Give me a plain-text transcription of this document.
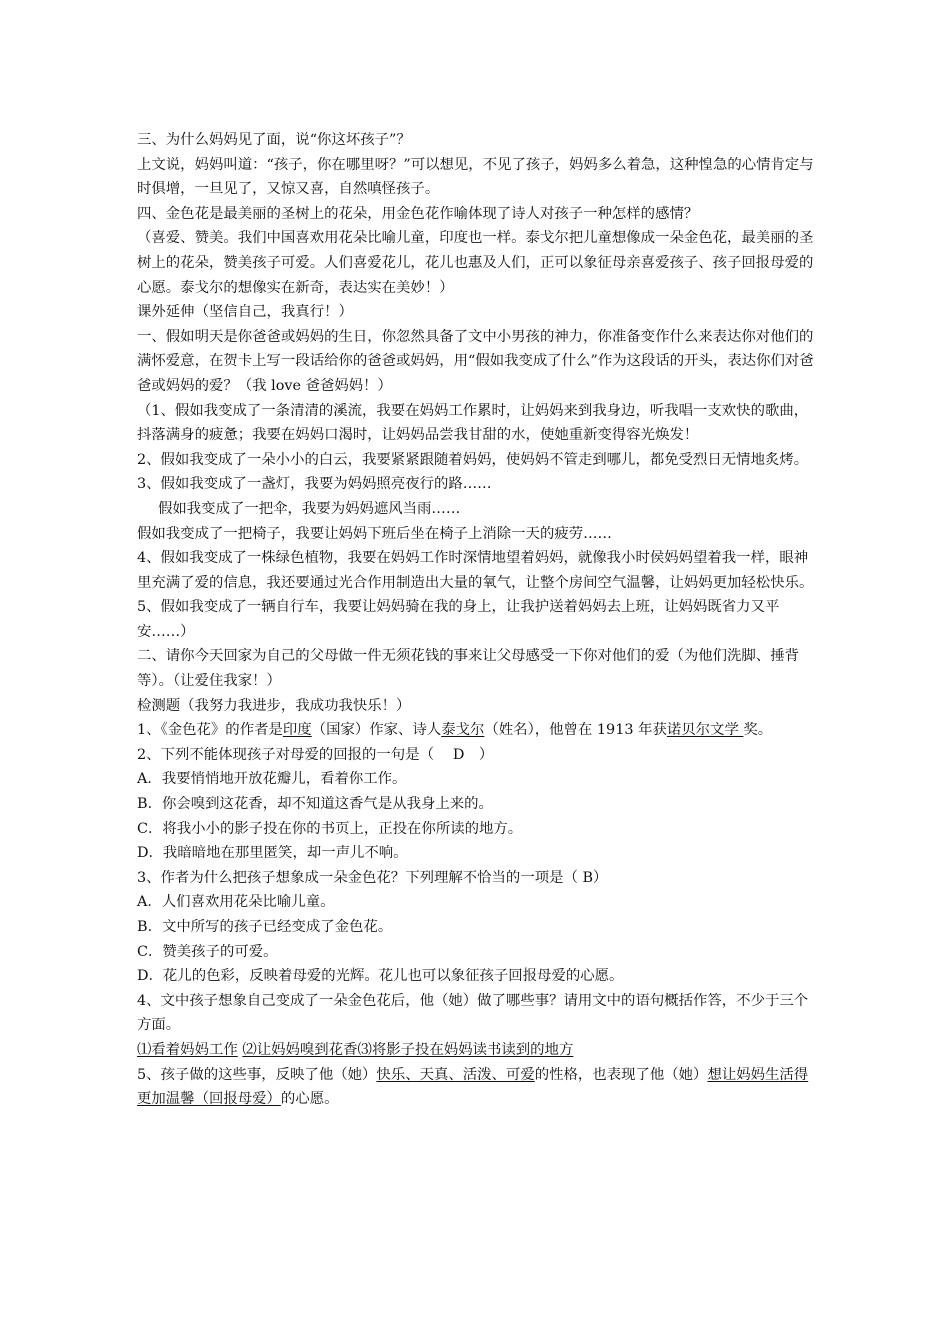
三、为什么妈妈见了面，说“你这坏孩子”？

上文说，妈妈叫道：“孩子，你在哪里呀？”可以想见，不见了孩子，妈妈多么着急，这种惶急的心情肯定与时俱增，一旦见了，又惊又喜，自然嗔怪孩子。

四、金色花是最美丽的圣树上的花朵，用金色花作喻体现了诗人对孩子一种怎样的感情？

（喜爱、赞美。我们中国喜欢用花朵比喻儿童，印度也一样。泰戈尔把儿童想像成一朵金色花，最美丽的圣树上的花朵，赞美孩子可爱。人们喜爱花儿，花儿也惠及人们，正可以象征母亲喜爱孩子、孩子回报母爱的心愿。泰戈尔的想像实在新奇，表达实在美妙！）

课外延伸（坚信自己，我真行！）

一、假如明天是你爸爸或妈妈的生日，你忽然具备了文中小男孩的神力，你准备变作什么来表达你对他们的满怀爱意，在贺卡上写一段话给你的爸爸或妈妈，用“假如我变成了什么”作为这段话的开头，表达你们对爸爸或妈妈的爱？（我 love 爸爸妈妈！）

（1、假如我变成了一条清清的溪流，我要在妈妈工作累时，让妈妈来到我身边，听我唱一支欢快的歌曲，抖落满身的疲惫；我要在妈妈口渴时，让妈妈品尝我甘甜的水，使她重新变得容光焕发！

2、假如我变成了一朵小小的白云，我要紧紧跟随着妈妈，使妈妈不管走到哪儿，都免受烈日无情地炙烤。

3、假如我变成了一盏灯，我要为妈妈照亮夜行的路……

假如我变成了一把伞，我要为妈妈遮风当雨……

假如我变成了一把椅子，我要让妈妈下班后坐在椅子上消除一天的疲劳……

4、假如我变成了一株绿色植物，我要在妈妈工作时深情地望着妈妈，就像我小时侯妈妈望着我一样，眼神里充满了爱的信息，我还要通过光合作用制造出大量的氧气，让整个房间空气温馨，让妈妈更加轻松快乐。

5、假如我变成了一辆自行车，我要让妈妈骑在我的身上，让我护送着妈妈去上班，让妈妈既省力又平安……）

二、请你今天回家为自己的父母做一件无须花钱的事来让父母感受一下你对他们的爱（为他们洗脚、捶背等）。（让爱住我家！）

检测题（我努力我进步，我成功我快乐！）

1、《金色花》的作者是印度（国家）作家、诗人泰戈尔（姓名），他曾在 1913 年获诺贝尔文学 奖。

2、下列不能体现孩子对母爱的回报的一句是（　 D　）

A．我要悄悄地开放花瓣儿，看着你工作。

B．你会嗅到这花香，却不知道这香气是从我身上来的。

C．将我小小的影子投在你的书页上，正投在你所读的地方。

D．我暗暗地在那里匿笑，却一声儿不响。

3、作者为什么把孩子想象成一朵金色花？下列理解不恰当的一项是（ B）

A．人们喜欢用花朵比喻儿童。

B．文中所写的孩子已经变成了金色花。

C．赞美孩子的可爱。

D．花儿的色彩，反映着母爱的光辉。花儿也可以象征孩子回报母爱的心愿。

4、文中孩子想象自己变成了一朵金色花后，他（她）做了哪些事？请用文中的语句概括作答，不少于三个方面。

⑴看着妈妈工作 ⑵让妈妈嗅到花香⑶将影子投在妈妈读书读到的地方

5、孩子做的这些事，反映了他（她）快乐、天真、活泼、可爱的性格，也表现了他（她）想让妈妈生活得更加温馨（回报母爱）的心愿。
